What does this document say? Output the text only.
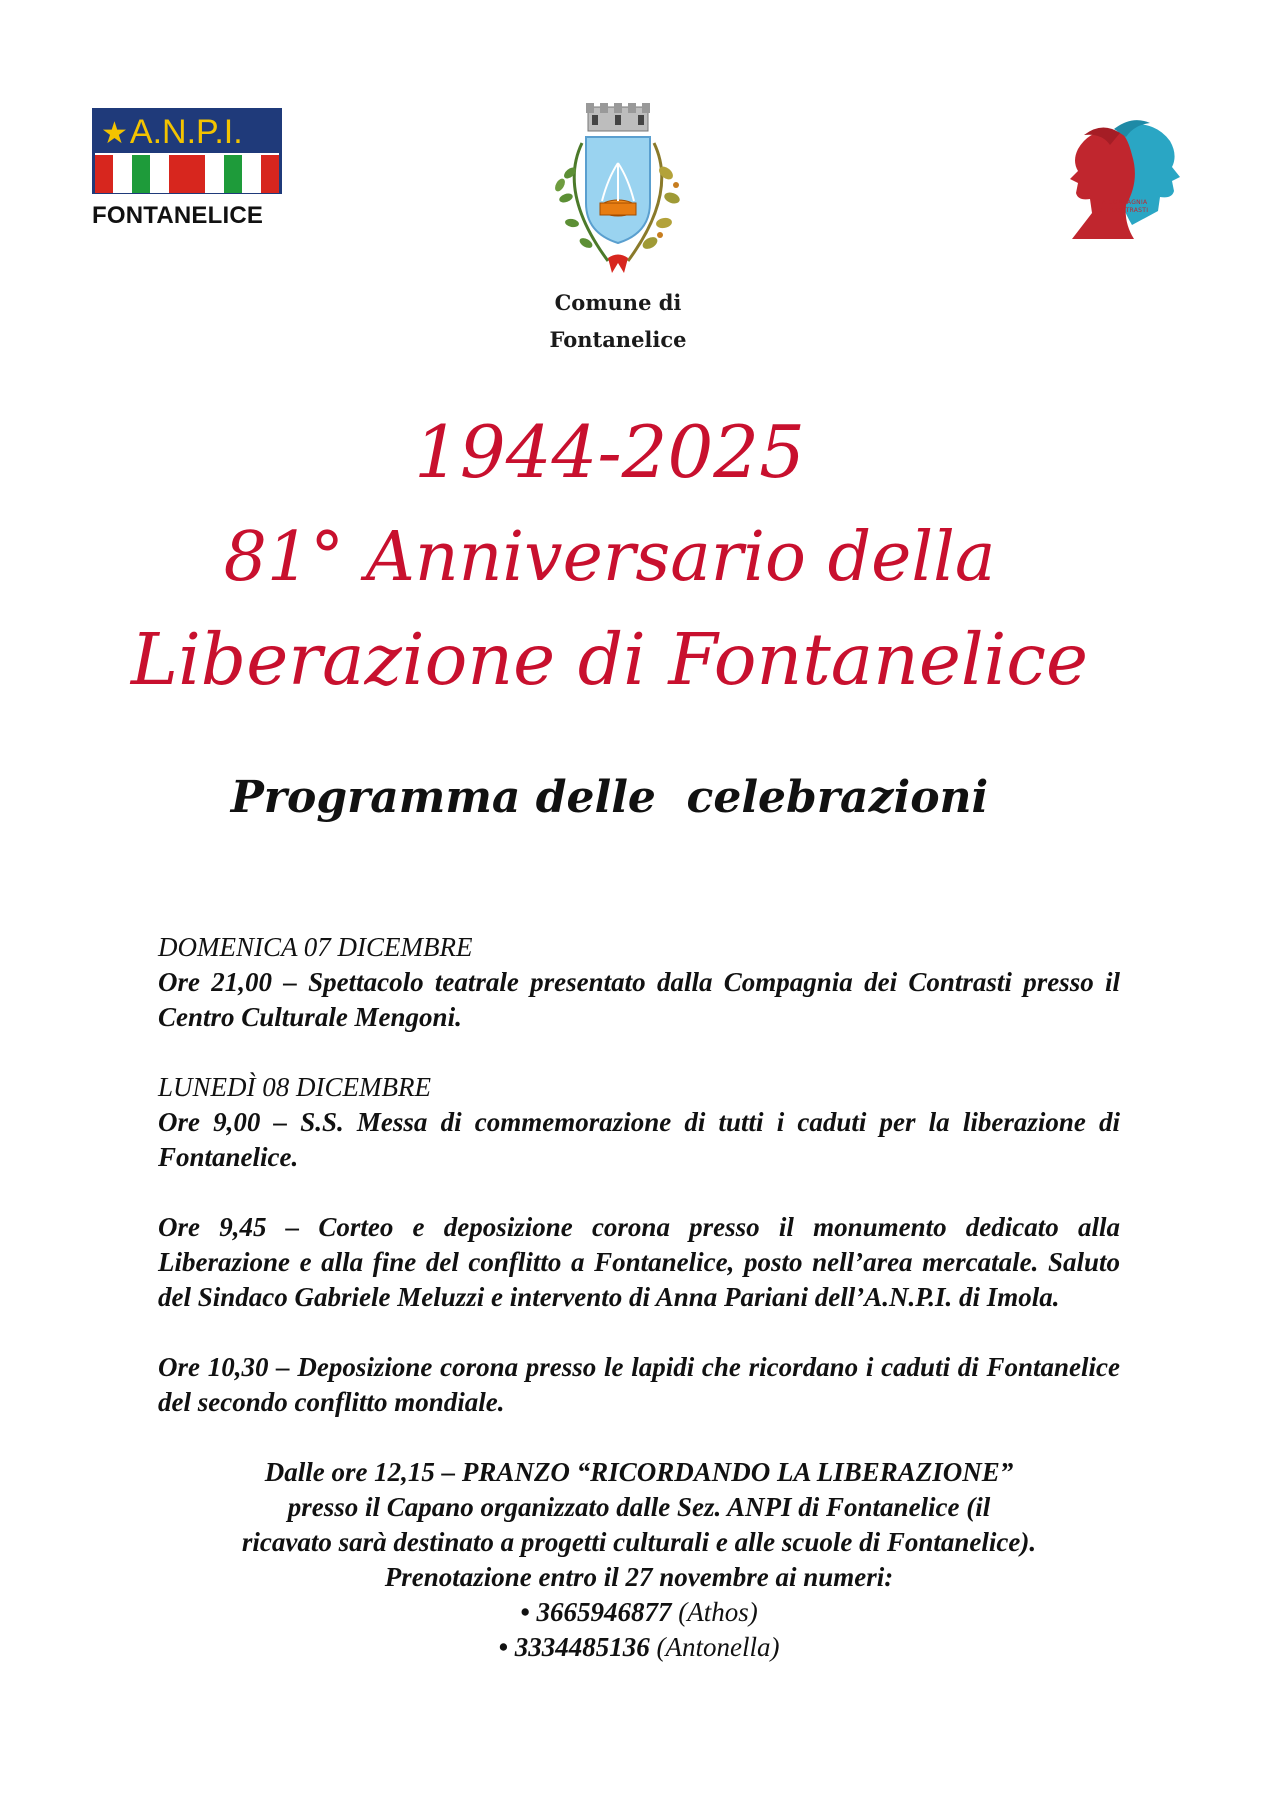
★A.N.P.I.
FONTANELICE
Comune di
Fontanelice
LA COMPAGNIA
DEI CONTRASTI
1944-2025
81° Anniversario della
Liberazione di Fontanelice
Programma delle  celebrazioni
DOMENICA 07 DICEMBRE
Ore 21,00 – Spettacolo teatrale presentato dalla Compagnia dei Contrasti presso il Centro Culturale Mengoni.
LUNEDÌ 08 DICEMBRE
Ore 9,00 – S.S. Messa di commemorazione di tutti i caduti per la liberazione di Fontanelice.
Ore 9,45 – Corteo e deposizione corona presso il monumento dedicato alla Liberazione e alla fine del conflitto a Fontanelice, posto nell’area mercatale. Saluto del Sindaco Gabriele Meluzzi e intervento di Anna Pariani dell’A.N.P.I. di Imola.
Ore 10,30 – Deposizione corona presso le lapidi che ricordano i caduti di Fontanelice del secondo conflitto mondiale.
Dalle ore 12,15 – PRANZO “RICORDANDO LA LIBERAZIONE”
presso il Capano organizzato dalle Sez. ANPI di Fontanelice (il
ricavato sarà destinato a progetti culturali e alle scuole di Fontanelice).
Prenotazione entro il 27 novembre ai numeri:
• 3665946877 (Athos)
• 3334485136 (Antonella)
